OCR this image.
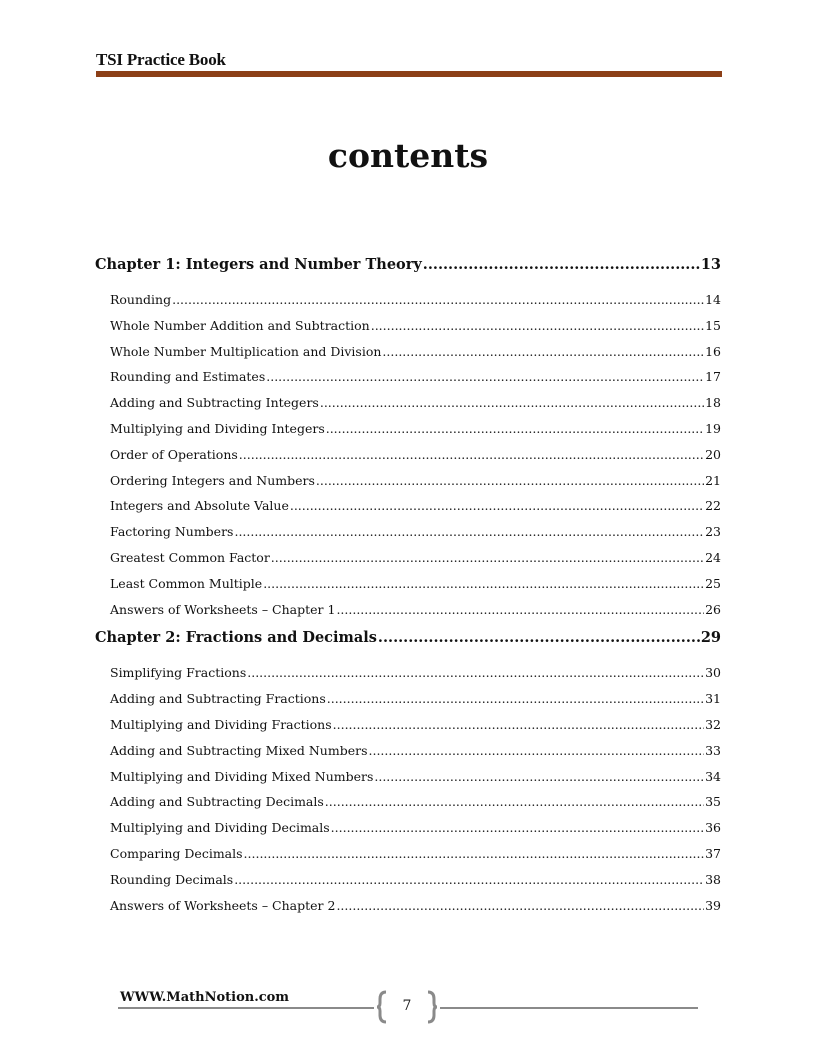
TSI Practice Book
contents
Chapter 1: Integers and Number Theory .....	13
Rounding .....	14
Whole Number Addition and Subtraction .....	15
Whole Number Multiplication and Division .....	16
Rounding and Estimates .....	17
Adding and Subtracting Integers .....	18
Multiplying and Dividing Integers .....	19
Order of Operations .....	20
Ordering Integers and Numbers .....	21
Integers and Absolute Value .....	22
Factoring Numbers .....	23
Greatest Common Factor .....	24
Least Common Multiple .....	25
Answers of Worksheets – Chapter 1 .....	26
Chapter 2: Fractions and Decimals .....	29
Simplifying Fractions .....	30
Adding and Subtracting Fractions .....	31
Multiplying and Dividing Fractions .....	32
Adding and Subtracting Mixed Numbers .....	33
Multiplying and Dividing Mixed Numbers .....	34
Adding and Subtracting Decimals .....	35
Multiplying and Dividing Decimals .....	36
Comparing Decimals .....	37
Rounding Decimals .....	38
Answers of Worksheets – Chapter 2 .....	39
WWW.MathNotion.com
7
